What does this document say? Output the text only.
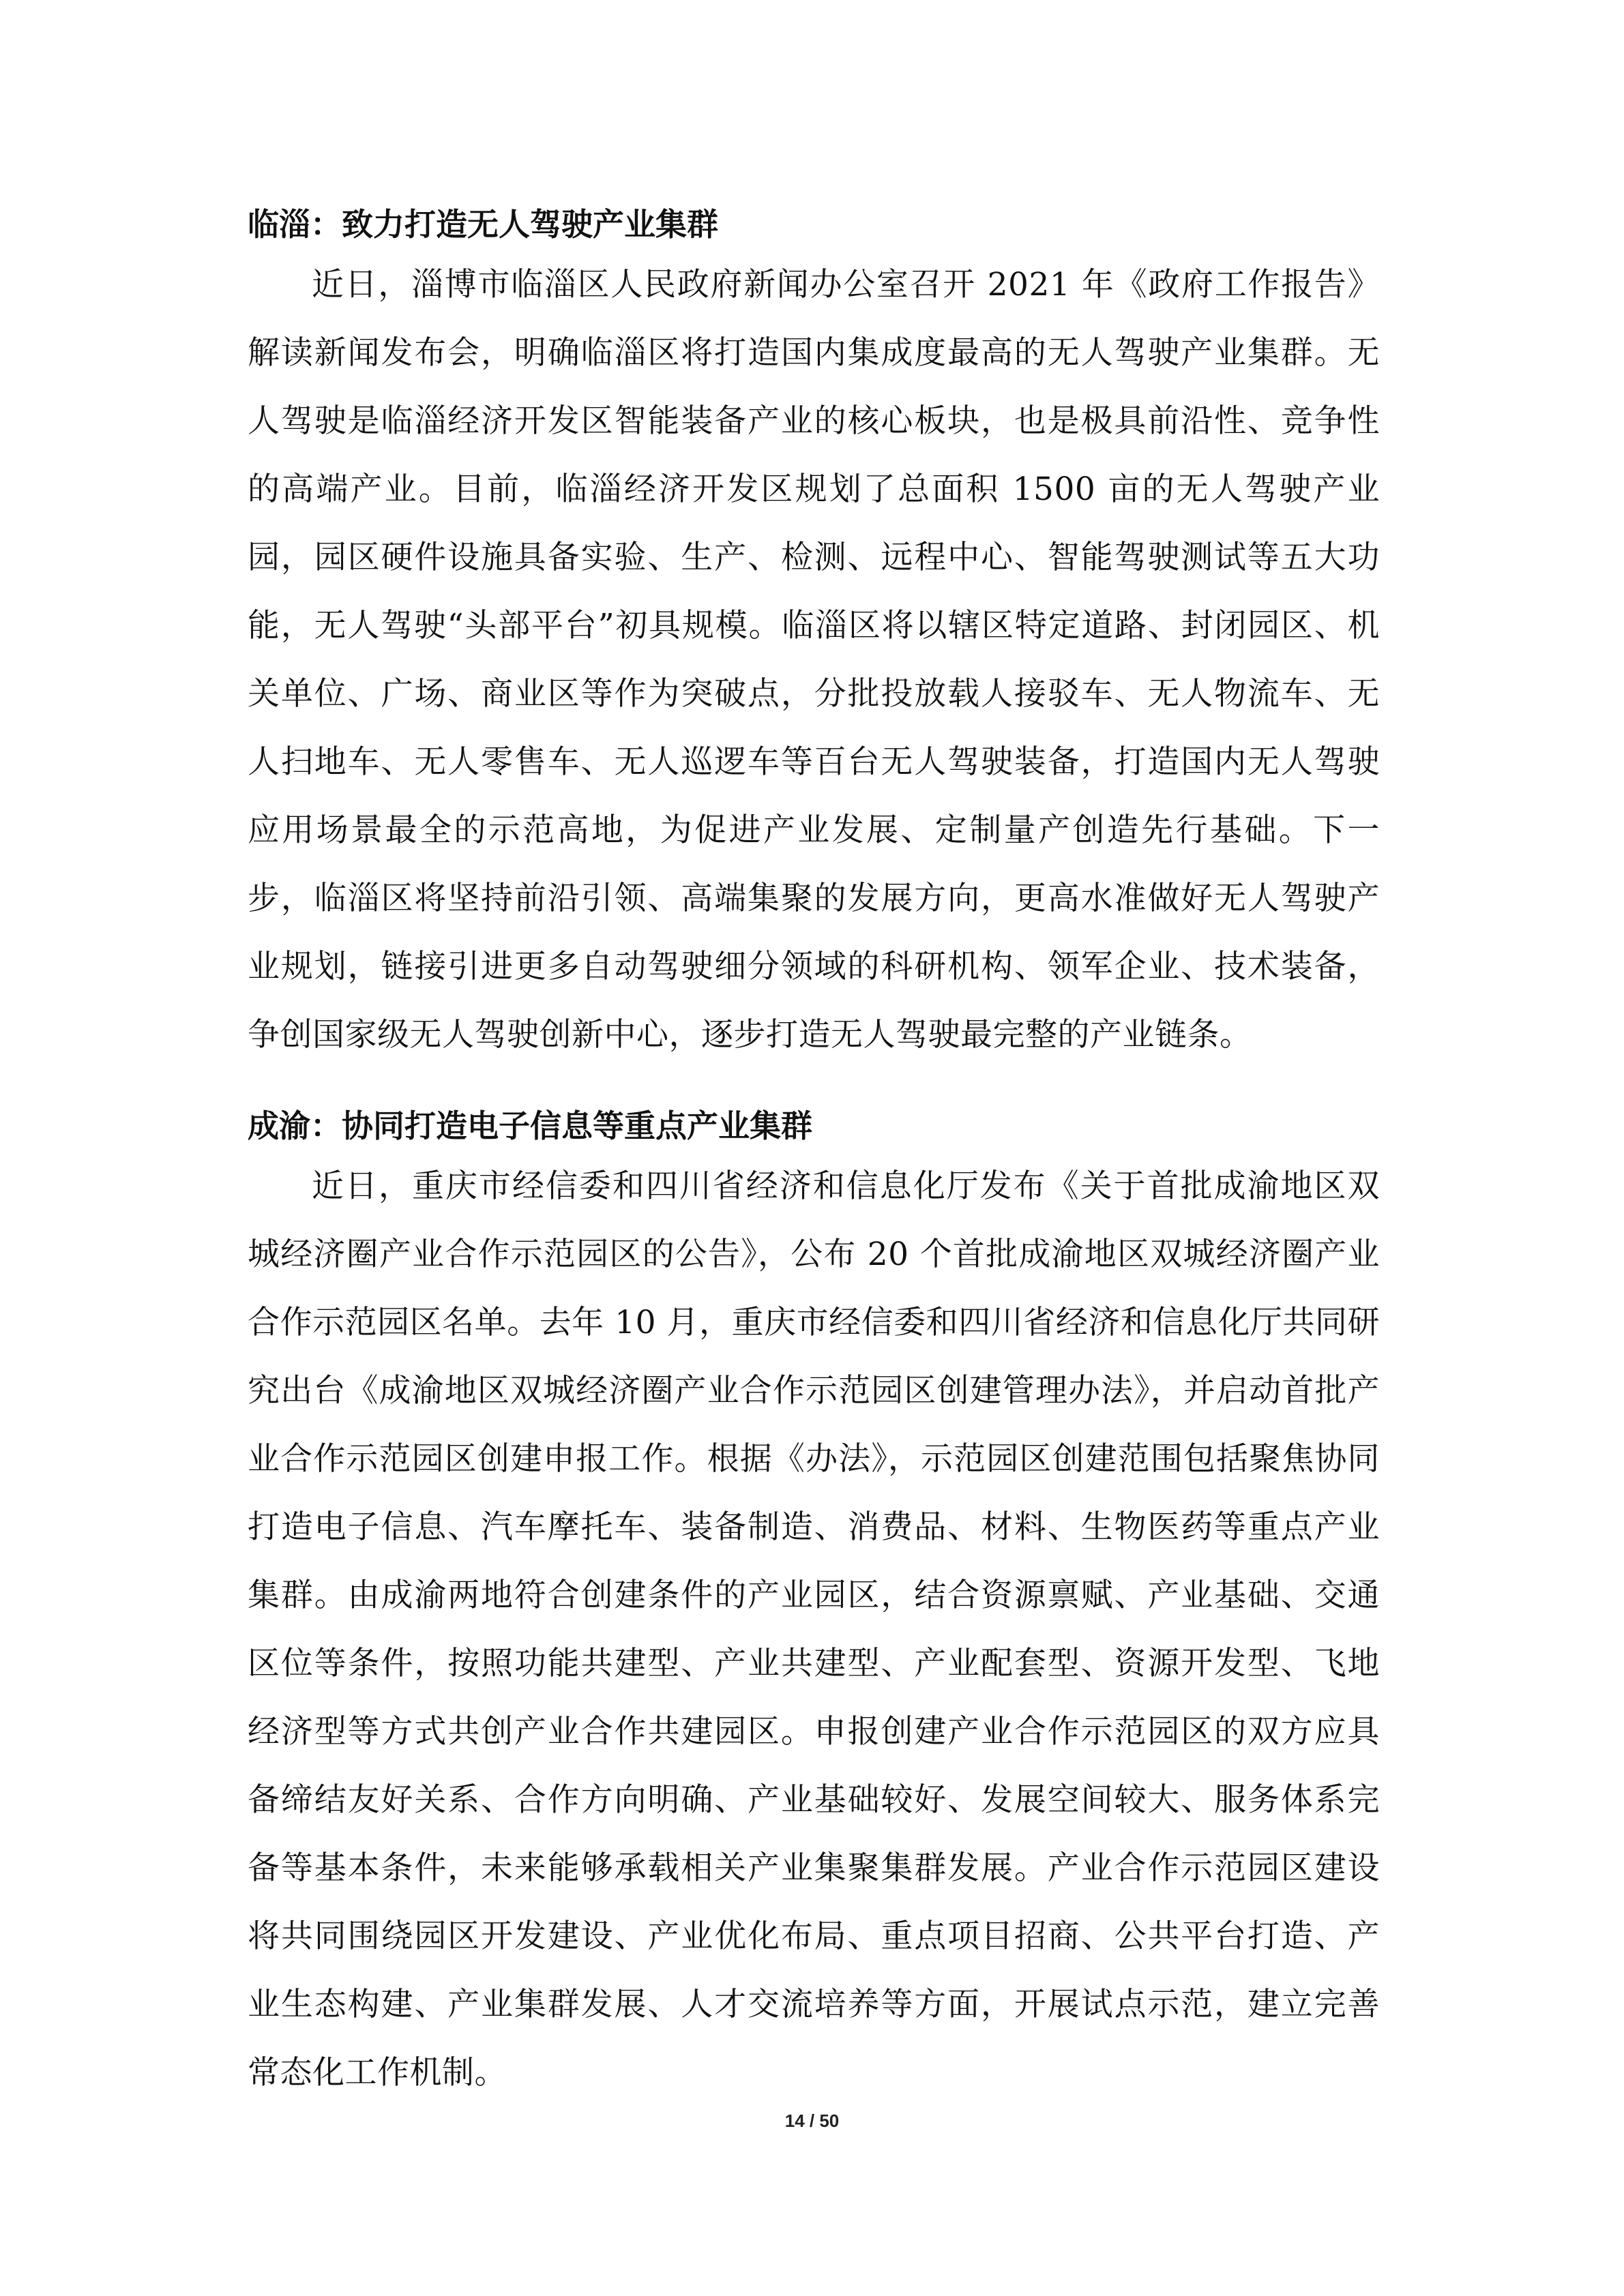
临淄：致力打造无人驾驶产业集群

近日，淄博市临淄区人民政府新闻办公室召开 2021 年《政府工作报告》解读新闻发布会，明确临淄区将打造国内集成度最高的无人驾驶产业集群。无人驾驶是临淄经济开发区智能装备产业的核心板块，也是极具前沿性、竞争性的高端产业。目前，临淄经济开发区规划了总面积 1500 亩的无人驾驶产业园，园区硬件设施具备实验、生产、检测、远程中心、智能驾驶测试等五大功能，无人驾驶“头部平台”初具规模。临淄区将以辖区特定道路、封闭园区、机关单位、广场、商业区等作为突破点，分批投放载人接驳车、无人物流车、无人扫地车、无人零售车、无人巡逻车等百台无人驾驶装备，打造国内无人驾驶应用场景最全的示范高地，为促进产业发展、定制量产创造先行基础。下一步，临淄区将坚持前沿引领、高端集聚的发展方向，更高水准做好无人驾驶产业规划，链接引进更多自动驾驶细分领域的科研机构、领军企业、技术装备，争创国家级无人驾驶创新中心，逐步打造无人驾驶最完整的产业链条。

成渝：协同打造电子信息等重点产业集群

近日，重庆市经信委和四川省经济和信息化厅发布《关于首批成渝地区双城经济圈产业合作示范园区的公告》，公布 20 个首批成渝地区双城经济圈产业合作示范园区名单。去年 10 月，重庆市经信委和四川省经济和信息化厅共同研究出台《成渝地区双城经济圈产业合作示范园区创建管理办法》，并启动首批产业合作示范园区创建申报工作。根据《办法》，示范园区创建范围包括聚焦协同打造电子信息、汽车摩托车、装备制造、消费品、材料、生物医药等重点产业集群。由成渝两地符合创建条件的产业园区，结合资源禀赋、产业基础、交通区位等条件，按照功能共建型、产业共建型、产业配套型、资源开发型、飞地经济型等方式共创产业合作共建园区。申报创建产业合作示范园区的双方应具备缔结友好关系、合作方向明确、产业基础较好、发展空间较大、服务体系完备等基本条件，未来能够承载相关产业集聚集群发展。产业合作示范园区建设将共同围绕园区开发建设、产业优化布局、重点项目招商、公共平台打造、产业生态构建、产业集群发展、人才交流培养等方面，开展试点示范，建立完善常态化工作机制。

14 / 50
